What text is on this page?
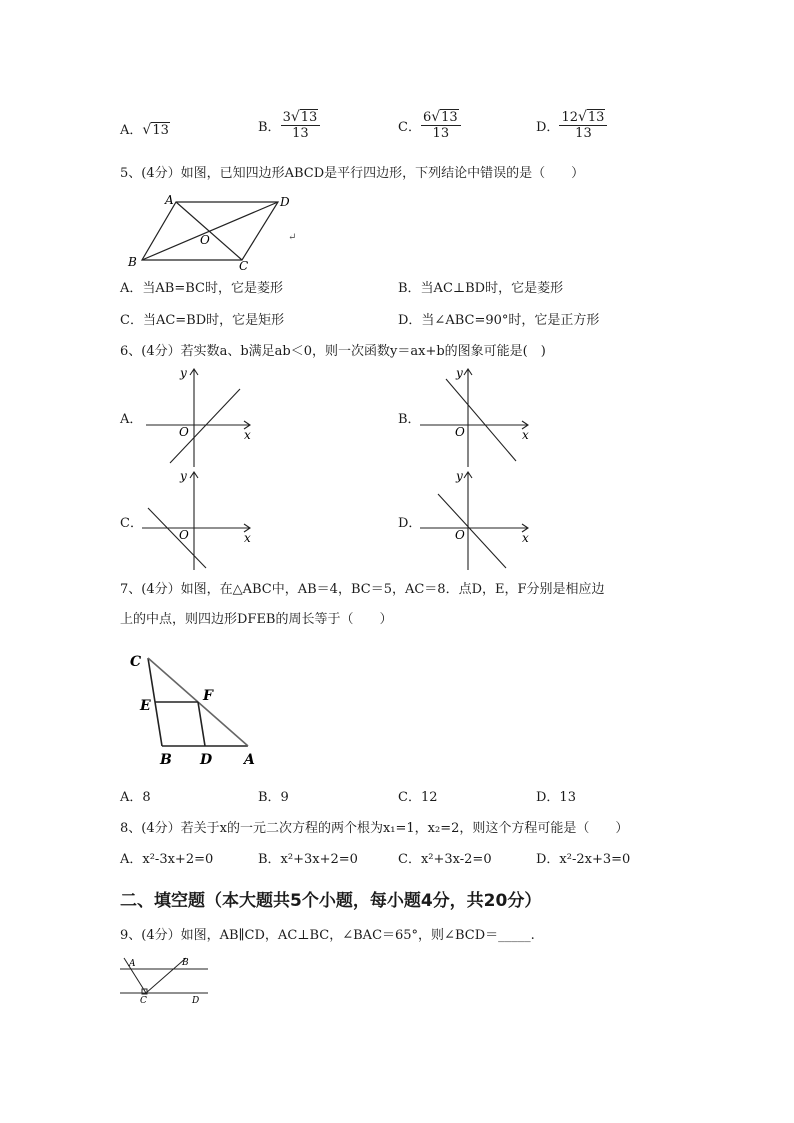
A．√13	B． $\frac{3√13}{13}$	C． $\frac{6√13}{13}$	D． $\frac{12√13}{13}$
5、(4分）如图，已知四边形ABCD是平行四边形，下列结论中错误的是（　　）
A	D
B	C
O	↵
A．当AB=BC时，它是菱形	B．当AC⊥BD时，它是菱形
C．当AC=BD时，它是矩形	D．当∠ABC=90°时，它是正方形
6、(4分）若实数a、b满足ab＜0，则一次函数y＝ax+b的图象可能是(　)
A．
y
x
O
B．
y
x
O
C．
y
x
O
D．
y
x
O
7、(4分）如图，在△ABC中，AB＝4，BC＝5，AC＝8．点D，E，F分别是相应边
上的中点，则四边形DFEB的周长等于（　　）
C
E
F
B D A
A．8	B．9	C．12	D．13
8、(4分）若关于x的一元二次方程的两个根为x₁=1，x₂=2，则这个方程可能是（　　）
A．x²-3x+2=0	B．x²+3x+2=0	C．x²+3x-2=0	D．x²-2x+3=0
二、填空题（本大题共5个小题，每小题4分，共20分）
9、(4分）如图，AB∥CD，AC⊥BC，∠BAC＝65°，则∠BCD＝_____.
A	B
C	D
